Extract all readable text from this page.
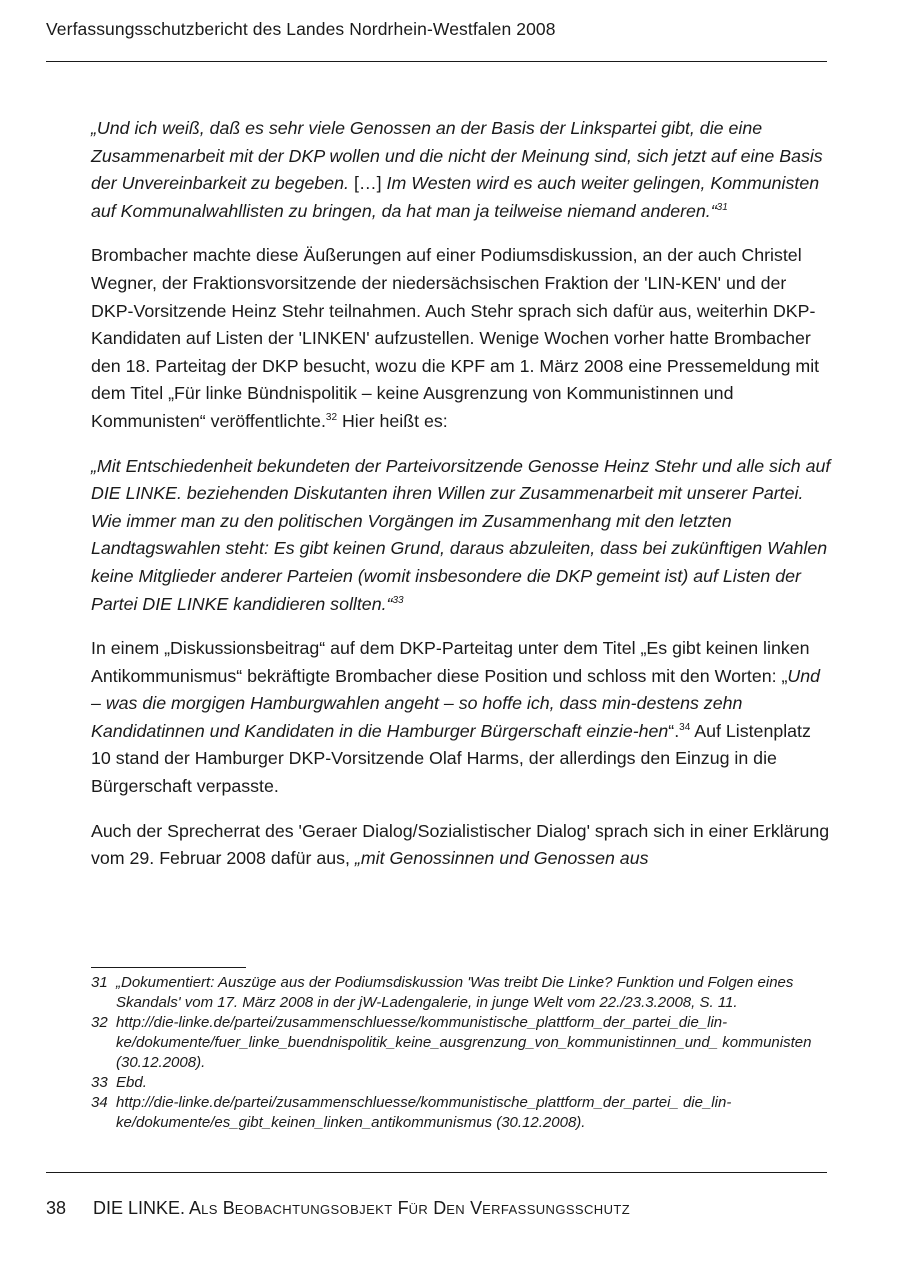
Verfassungsschutzbericht des Landes Nordrhein-Westfalen 2008

„Und ich weiß, daß es sehr viele Genossen an der Basis der Linkspartei gibt, die eine Zusammenarbeit mit der DKP wollen und die nicht der Meinung sind, sich jetzt auf eine Basis der Unvereinbarkeit zu begeben. […] Im Westen wird es auch weiter gelingen, Kommunisten auf Kommunalwahllisten zu bringen, da hat man ja teilweise niemand anderen.“$^{31}$

Brombacher machte diese Äußerungen auf einer Podiumsdiskussion, an der auch Christel Wegner, der Fraktionsvorsitzende der niedersächsischen Fraktion der 'LIN-KEN' und der DKP-Vorsitzende Heinz Stehr teilnahmen. Auch Stehr sprach sich dafür aus, weiterhin DKP-Kandidaten auf Listen der 'LINKEN' aufzustellen. Wenige Wochen vorher hatte Brombacher den 18. Parteitag der DKP besucht, wozu die KPF am 1. März 2008 eine Pressemeldung mit dem Titel „Für linke Bündnispolitik – keine Ausgrenzung von Kommunistinnen und Kommunisten“ veröffentlichte.$^{32}$ Hier heißt es:

„Mit Entschiedenheit bekundeten der Parteivorsitzende Genosse Heinz Stehr und alle sich auf DIE LINKE. beziehenden Diskutanten ihren Willen zur Zusammenarbeit mit unserer Partei. Wie immer man zu den politischen Vorgängen im Zusammenhang mit den letzten Landtagswahlen steht: Es gibt keinen Grund, daraus abzuleiten, dass bei zukünftigen Wahlen keine Mitglieder anderer Parteien (womit insbesondere die DKP gemeint ist) auf Listen der Partei DIE LINKE kandidieren sollten.“$^{33}$

In einem „Diskussionsbeitrag“ auf dem DKP-Parteitag unter dem Titel „Es gibt keinen linken Antikommunismus“ bekräftigte Brombacher diese Position und schloss mit den Worten: „Und – was die morgigen Hamburgwahlen angeht – so hoffe ich, dass min-destens zehn Kandidatinnen und Kandidaten in die Hamburger Bürgerschaft einzie-hen“.$^{34}$ Auf Listenplatz 10 stand der Hamburger DKP-Vorsitzende Olaf Harms, der allerdings den Einzug in die Bürgerschaft verpasste.

Auch der Sprecherrat des 'Geraer Dialog/Sozialistischer Dialog' sprach sich in einer Erklärung vom 29. Februar 2008 dafür aus, „mit Genossinnen und Genossen aus

31 „Dokumentiert: Auszüge aus der Podiumsdiskussion 'Was treibt Die Linke? Funktion und Folgen eines Skandals' vom 17. März 2008 in der jW-Ladengalerie, in junge Welt vom 22./23.3.2008, S. 11.

32 http://die-linke.de/partei/zusammenschluesse/kommunistische_plattform_der_partei_die_lin-ke/dokumente/fuer_linke_buendnispolitik_keine_ausgrenzung_von_kommunistinnen_und_ kommunisten (30.12.2008).

33 Ebd.

34 http://die-linke.de/partei/zusammenschluesse/kommunistische_plattform_der_partei_ die_lin-ke/dokumente/es_gibt_keinen_linken_antikommunismus (30.12.2008).

38 DIE LINKE. ALS BEOBACHTUNGSOBJEKT FÜR DEN VERFASSUNGSSCHUTZ
